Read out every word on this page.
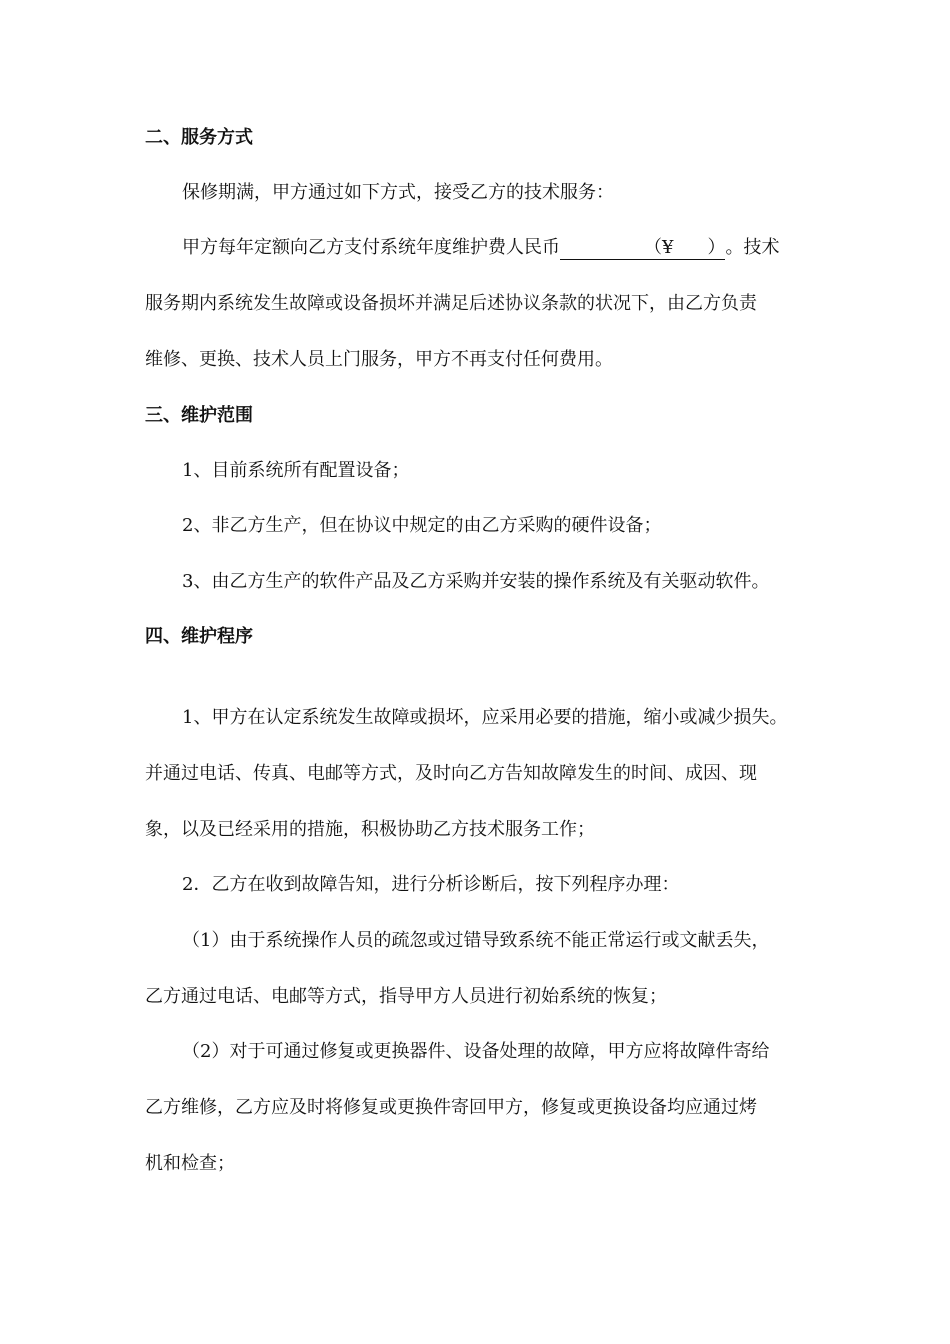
二、服务方式
保修期满，甲方通过如下方式，接受乙方的技术服务：
甲方每年定额向乙方支付系统年度维护费人民币	（¥ ）。技术
服务期内系统发生故障或设备损坏并满足后述协议条款的状况下，由乙方负责
维修、更换、技术人员上门服务，甲方不再支付任何费用。
三、维护范围
1、目前系统所有配置设备；
2、非乙方生产，但在协议中规定的由乙方采购的硬件设备；
3、由乙方生产的软件产品及乙方采购并安装的操作系统及有关驱动软件。
四、维护程序
1、甲方在认定系统发生故障或损坏，应采用必要的措施，缩小或减少损失。
并通过电话、传真、电邮等方式，及时向乙方告知故障发生的时间、成因、现
象，以及已经采用的措施，积极协助乙方技术服务工作；
2．乙方在收到故障告知，进行分析诊断后，按下列程序办理：
（1）由于系统操作人员的疏忽或过错导致系统不能正常运行或文献丢失，
乙方通过电话、电邮等方式，指导甲方人员进行初始系统的恢复；
（2）对于可通过修复或更换器件、设备处理的故障，甲方应将故障件寄给
乙方维修，乙方应及时将修复或更换件寄回甲方，修复或更换设备均应通过烤
机和检查；
